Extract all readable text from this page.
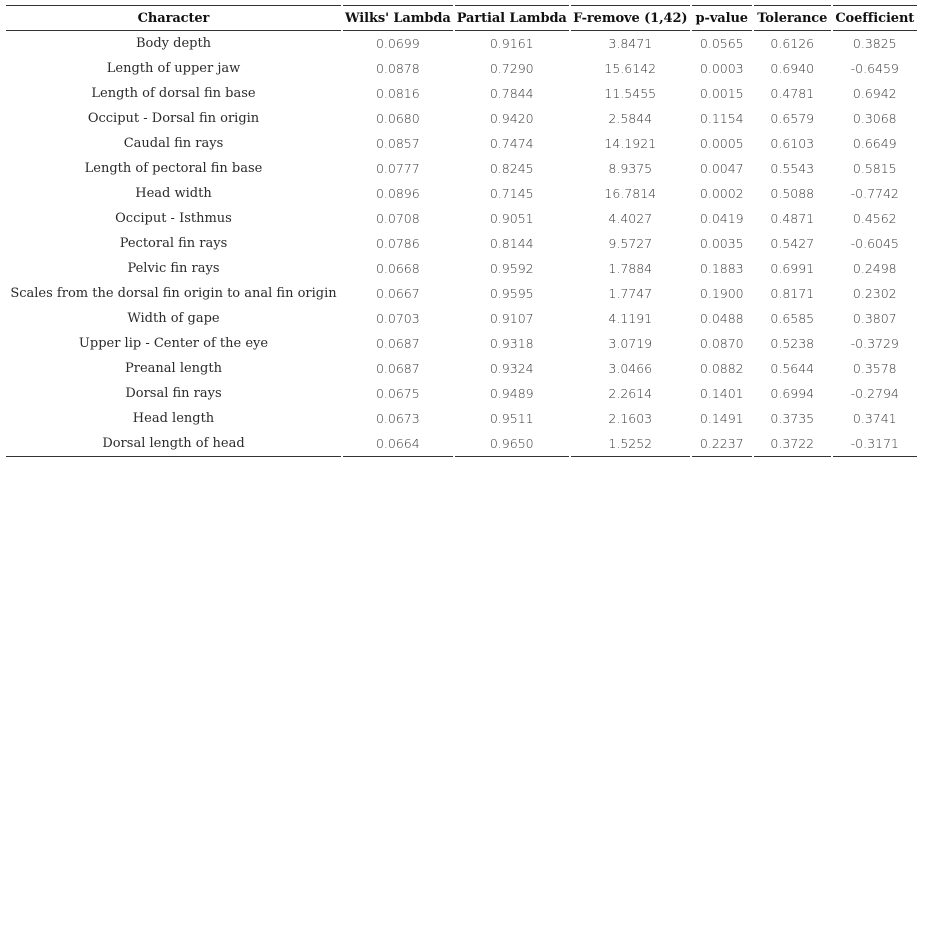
Character	Wilks' Lambda	Partial Lambda	F-remove (1,42)	p-value	Tolerance	Coefficient
Body depth	0.0699	0.9161	3.8471	0.0565	0.6126	0.3825
Length of upper jaw	0.0878	0.7290	15.6142	0.0003	0.6940	-0.6459
Length of dorsal fin base	0.0816	0.7844	11.5455	0.0015	0.4781	0.6942
Occiput - Dorsal fin origin	0.0680	0.9420	2.5844	0.1154	0.6579	0.3068
Caudal fin rays	0.0857	0.7474	14.1921	0.0005	0.6103	0.6649
Length of pectoral fin base	0.0777	0.8245	8.9375	0.0047	0.5543	0.5815
Head width	0.0896	0.7145	16.7814	0.0002	0.5088	-0.7742
Occiput - Isthmus	0.0708	0.9051	4.4027	0.0419	0.4871	0.4562
Pectoral fin rays	0.0786	0.8144	9.5727	0.0035	0.5427	-0.6045
Pelvic fin rays	0.0668	0.9592	1.7884	0.1883	0.6991	0.2498
Scales from the dorsal fin origin to anal fin origin	0.0667	0.9595	1.7747	0.1900	0.8171	0.2302
Width of gape	0.0703	0.9107	4.1191	0.0488	0.6585	0.3807
Upper lip - Center of the eye	0.0687	0.9318	3.0719	0.0870	0.5238	-0.3729
Preanal length	0.0687	0.9324	3.0466	0.0882	0.5644	0.3578
Dorsal fin rays	0.0675	0.9489	2.2614	0.1401	0.6994	-0.2794
Head length	0.0673	0.9511	2.1603	0.1491	0.3735	0.3741
Dorsal length of head	0.0664	0.9650	1.5252	0.2237	0.3722	-0.3171
